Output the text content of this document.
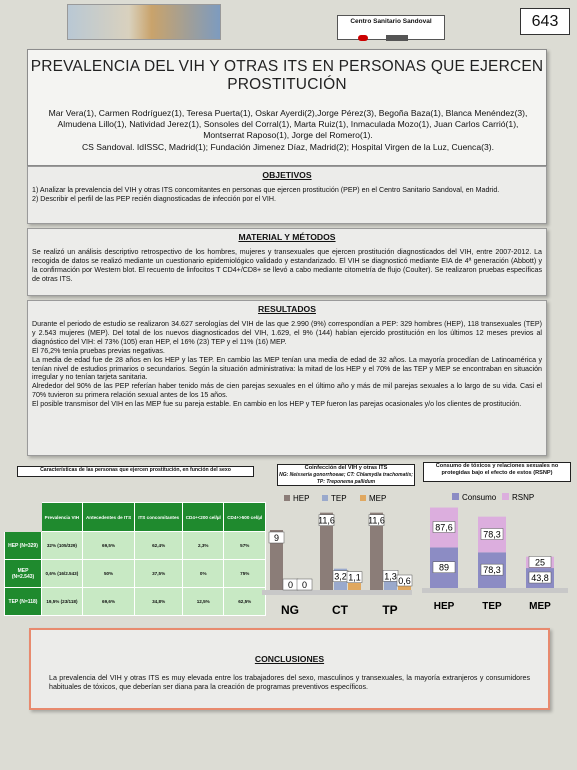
Centro Sanitario Sandoval
	643
PREVALENCIA DEL VIH Y OTRAS ITS EN PERSONAS QUE EJERCEN PROSTITUCIÓN
Mar Vera(1), Carmen Rodríguez(1), Teresa Puerta(1), Oskar Ayerdi(2),Jorge Pérez(3), Begoña Baza(1), Blanca Menéndez(3), Almudena Lillo(1), Natividad Jerez(1), Sonsoles del Corral(1), Marta Ruiz(1), Inmaculada Mozo(1), Juan Carlos Carrió(1), Montserrat Raposo(1), Jorge del Romero(1).
CS Sandoval. IdISSC, Madrid(1); Fundación Jimenez Díaz, Madrid(2); Hospital Virgen de la Luz, Cuenca(3).
OBJETIVOS
1) Analizar la prevalencia del VIH y otras ITS concomitantes en personas que ejercen prostitución (PEP) en el Centro Sanitario Sandoval, en Madrid.
2) Describir el perfil de las PEP recién diagnosticadas de infección por el VIH.
MATERIAL Y MÉTODOS
Se realizó un análisis descriptivo retrospectivo de los hombres, mujeres y transexuales que ejercen prostitución diagnosticados del VIH, entre 2007-2012. La recogida de datos se realizó mediante un cuestionario epidemiológico validado y estandarizado. El VIH se diagnosticó mediante EIA de 4ª generación (Abbott) y la confirmación por Western blot. El recuento de linfocitos T CD4+/CD8+ se llevó a cabo mediante citometría de flujo (Coulter). Se realizaron pruebas específicas de otras ITS.
RESULTADOS
Durante el periodo de estudio se realizaron 34.627 serologías del VIH de las que 2.990 (9%) correspondían a PEP: 329 hombres (HEP), 118 transexuales (TEP) y 2.543 mujeres (MEP). Del total de los nuevos diagnosticados del VIH, 1.629, el 9% (144) habían ejercido prostitución en los últimos 12 meses previos al diagnóstico del VIH: el 73% (105) eran HEP, el 16% (23) TEP y el 11% (16) MEP.
El 76,2% tenía pruebas previas negativas.
La media de edad fue de 28 años en los HEP y las TEP. En cambio las MEP tenían una media de edad de 32 años. La mayoría procedían de Latinoamérica y tenían nivel de estudios primarios o secundarios. Según la situación administrativa: la mitad de los HEP y el 70% de las TEP y MEP se encontraban en situación irregular y no tenían tarjeta sanitaria.
Alrededor del 90% de las PEP referían haber tenido más de cien parejas sexuales en el último año y más de mil parejas sexuales a lo largo de su vida. Casi el 70% tuvieron su primera relación sexual antes de los 15 años.
El posible transmisor del VIH en las MEP fue su pareja estable. En cambio en los HEP y TEP fueron las parejas ocasionales y/o los clientes de prostitución.
Características de las personas que ejercen prostitución, en función del sexo
	Prevalencia VIH	Antecedentes de ITS	ITS concomitantes	CD4+<200 cel/µl	CD4+>500 cel/µl
HEP (N=329)	32% (105/329)	69,5%	62,4%	2,3%	57%
MEP (N=2.543)	0,6% (16/2.543)	50%	37,5%	0%	75%
TEP (N=118)	19,5% (23/118)	69,6%	34,8%	12,5%	62,5%
Coinfección del VIH y otras ITS
NG: Neisseria gonorrhoeae; CT: Chlamydia trachomatis; TP: Treponema pallidum
HEP
9
11,6	11,6
TEP
0
3,2	1,3
MEP
0
1,1	0,6
NG	CT	TP
Consumo de tóxicos y relaciones sexuales no protegidas bajo el efecto de estos (RSNP)
Consumo RSNP
89
87,6
HEP
78,3
78,3
TEP
43,8
25
MEP
CONCLUSIONES
La prevalencia del VIH y otras ITS es muy elevada entre los trabajadores del sexo, masculinos y transexuales, la mayoría extranjeros y consumidores habituales de tóxicos, que deberían ser diana para la creación de programas preventivos específicos.
